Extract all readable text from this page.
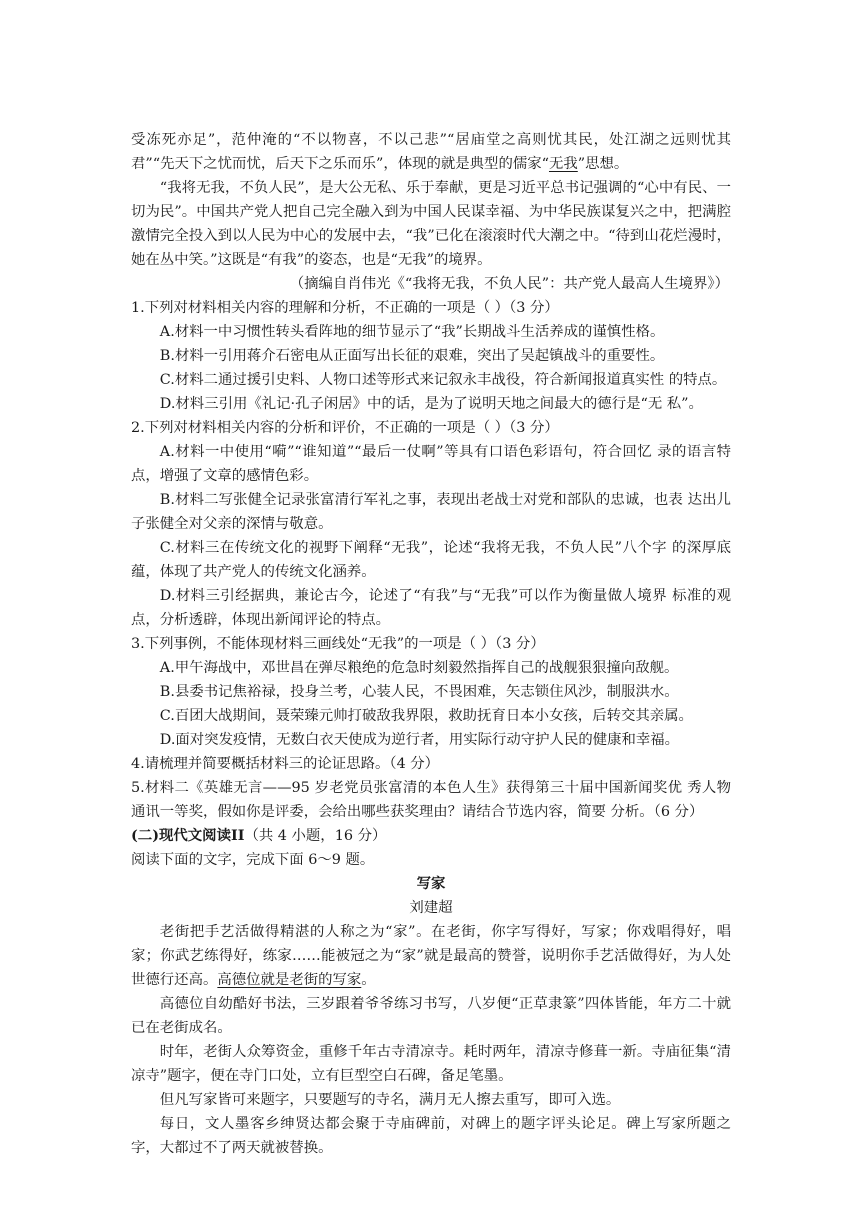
受冻死亦足”，范仲淹的“不以物喜，不以己悲”“居庙堂之高则忧其民，处江湖之远则忧其君”“先天下之忧而忧，后天下之乐而乐”，体现的就是典型的儒家“无我”思想。

“我将无我，不负人民”，是大公无私、乐于奉献，更是习近平总书记强调的“心中有民、一切为民”。中国共产党人把自己完全融入到为中国人民谋幸福、为中华民族谋复兴之中，把满腔激情完全投入到以人民为中心的发展中去，“我”已化在滚滚时代大潮之中。“待到山花烂漫时，她在丛中笑。”这既是“有我”的姿态，也是“无我”的境界。

（摘编自肖伟光《“我将无我，不负人民”：共产党人最高人生境界》）

1.下列对材料相关内容的理解和分析，不正确的一项是（ ）（3 分）

A.材料一中习惯性转头看阵地的细节显示了“我”长期战斗生活养成的谨慎性格。

B.材料一引用蒋介石密电从正面写出长征的艰难，突出了吴起镇战斗的重要性。

C.材料二通过援引史料、人物口述等形式来记叙永丰战役，符合新闻报道真实性 的特点。

D.材料三引用《礼记·孔子闲居》中的话，是为了说明天地之间最大的德行是“无 私”。

2.下列对材料相关内容的分析和评价，不正确的一项是（ ）（3 分）

A.材料一中使用“嗬”“谁知道”“最后一仗啊”等具有口语色彩语句，符合回忆 录的语言特点，增强了文章的感情色彩。

B.材料二写张健全记录张富清行军礼之事，表现出老战士对党和部队的忠诚，也表 达出儿子张健全对父亲的深情与敬意。

C.材料三在传统文化的视野下阐释“无我”，论述“我将无我，不负人民”八个字 的深厚底蕴，体现了共产党人的传统文化涵养。

D.材料三引经据典，兼论古今，论述了“有我”与“无我”可以作为衡量做人境界 标准的观点，分析透辟，体现出新闻评论的特点。

3.下列事例，不能体现材料三画线处“无我”的一项是（ ）（3 分）

A.甲午海战中，邓世昌在弹尽粮绝的危急时刻毅然指挥自己的战舰狠狠撞向敌舰。

B.县委书记焦裕禄，投身兰考，心装人民，不畏困难，矢志锁住风沙，制服洪水。

C.百团大战期间，聂荣臻元帅打破敌我界限，救助抚育日本小女孩，后转交其亲属。

D.面对突发疫情，无数白衣天使成为逆行者，用实际行动守护人民的健康和幸福。

4.请梳理并简要概括材料三的论证思路。（4 分）

5.材料二《英雄无言——95 岁老党员张富清的本色人生》获得第三十届中国新闻奖优 秀人物通讯一等奖，假如你是评委，会给出哪些获奖理由？请结合节选内容，简要 分析。（6 分）

(二)现代文阅读II（共 4 小题，16 分）

阅读下面的文字，完成下面 6～9 题。

写家

刘建超

老街把手艺活做得精湛的人称之为“家”。在老街，你字写得好，写家；你戏唱得好，唱家；你武艺练得好，练家……能被冠之为“家”就是最高的赞誉，说明你手艺活做得好，为人处世德行还高。高德位就是老街的写家。

高德位自幼酷好书法，三岁跟着爷爷练习书写，八岁便“正草隶篆”四体皆能，年方二十就已在老街成名。

时年，老街人众筹资金，重修千年古寺清凉寺。耗时两年，清凉寺修葺一新。寺庙征集“清凉寺”题字，便在寺门口处，立有巨型空白石碑，备足笔墨。

但凡写家皆可来题字，只要题写的寺名，满月无人擦去重写，即可入选。

每日，文人墨客乡绅贤达都会聚于寺庙碑前，对碑上的题字评头论足。碑上写家所题之字，大都过不了两天就被替换。
